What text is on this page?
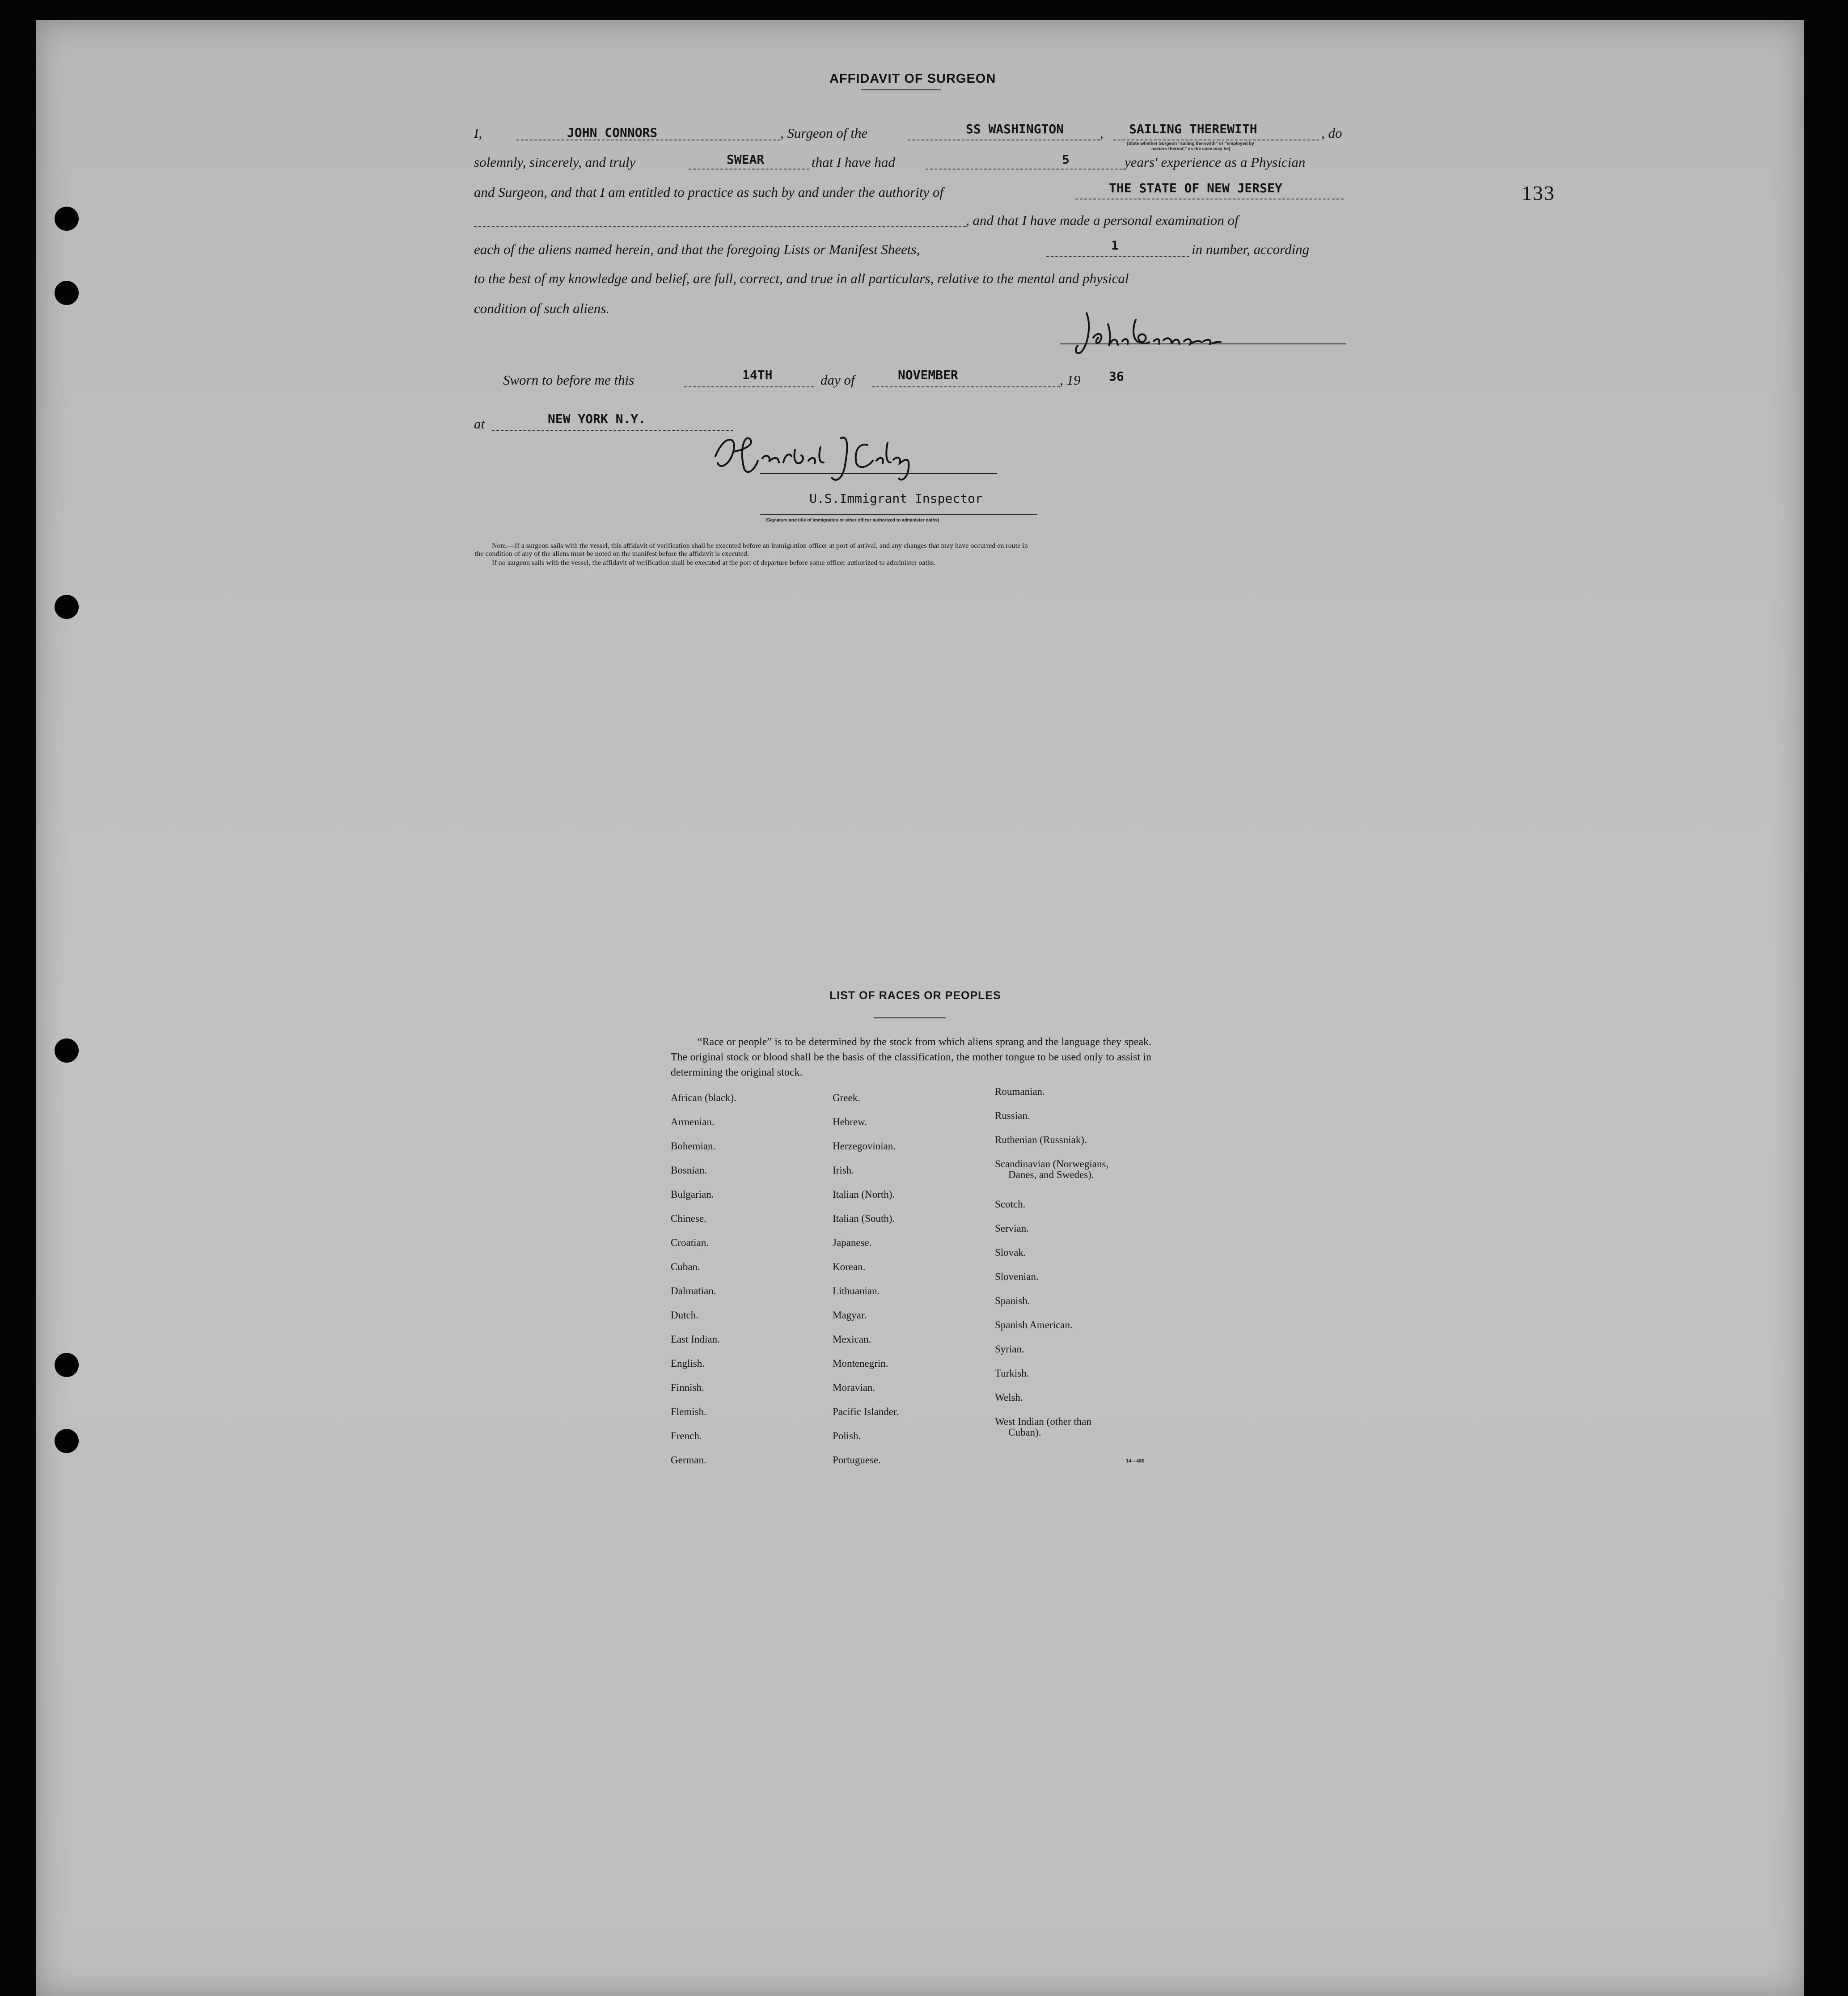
133
AFFIDAVIT OF SURGEON
I,	JOHN CONNORS	, Surgeon of the	SS WASHINGTON	, SAILING THEREWITH	, do
(State whether Surgeon "sailing therewith" or "employed by
owners thereof," as the case may be)
solemnly, sincerely, and truly	SWEAR	that I have had	5	years' experience as a Physician
and Surgeon, and that I am entitled to practice as such by and under the authority of	THE STATE OF NEW JERSEY
, and that I have made a personal examination of
each of the aliens named herein, and that the foregoing Lists or Manifest Sheets,	1	in number, according
to the best of my knowledge and belief, are full, correct, and true in all particulars, relative to the mental and physical
condition of such aliens.
Sworn to before me this	14TH	day of	NOVEMBER	, 19 36
at	NEW YORK N.Y.
U.S.Immigrant Inspector
(Signature and title of immigration or other officer authorized to administer oaths)
Note.—If a surgeon sails with the vessel, this affidavit of verification shall be executed before an immigration officer at port of arrival, and any changes that may have occurred en route in
the condition of any of the aliens must be noted on the manifest before the affidavit is executed.
If no surgeon sails with the vessel, the affidavit of verification shall be executed at the port of departure before some officer authorized to administer oaths.
LIST OF RACES OR PEOPLES
“Race or people” is to be determined by the stock from which aliens sprang and the language they speak. The original stock or blood shall be the basis of the classification, the mother tongue to be used only to assist in determining the original stock.
African (black).
Armenian.
Bohemian.
Bosnian.
Bulgarian.
Chinese.
Croatian.
Cuban.
Dalmatian.
Dutch.
East Indian.
English.
Finnish.
Flemish.
French.
German.
Greek.
Hebrew.
Herzegovinian.
Irish.
Italian (North).
Italian (South).
Japanese.
Korean.
Lithuanian.
Magyar.
Mexican.
Montenegrin.
Moravian.
Pacific Islander.
Polish.
Portuguese.
Roumanian.
Russian.
Ruthenian (Russniak).
Scandinavian (Norwegians,
Danes, and Swedes).
Scotch.
Servian.
Slovak.
Slovenian.
Spanish.
Spanish American.
Syrian.
Turkish.
Welsh.
West Indian (other than
Cuban).
14—480
